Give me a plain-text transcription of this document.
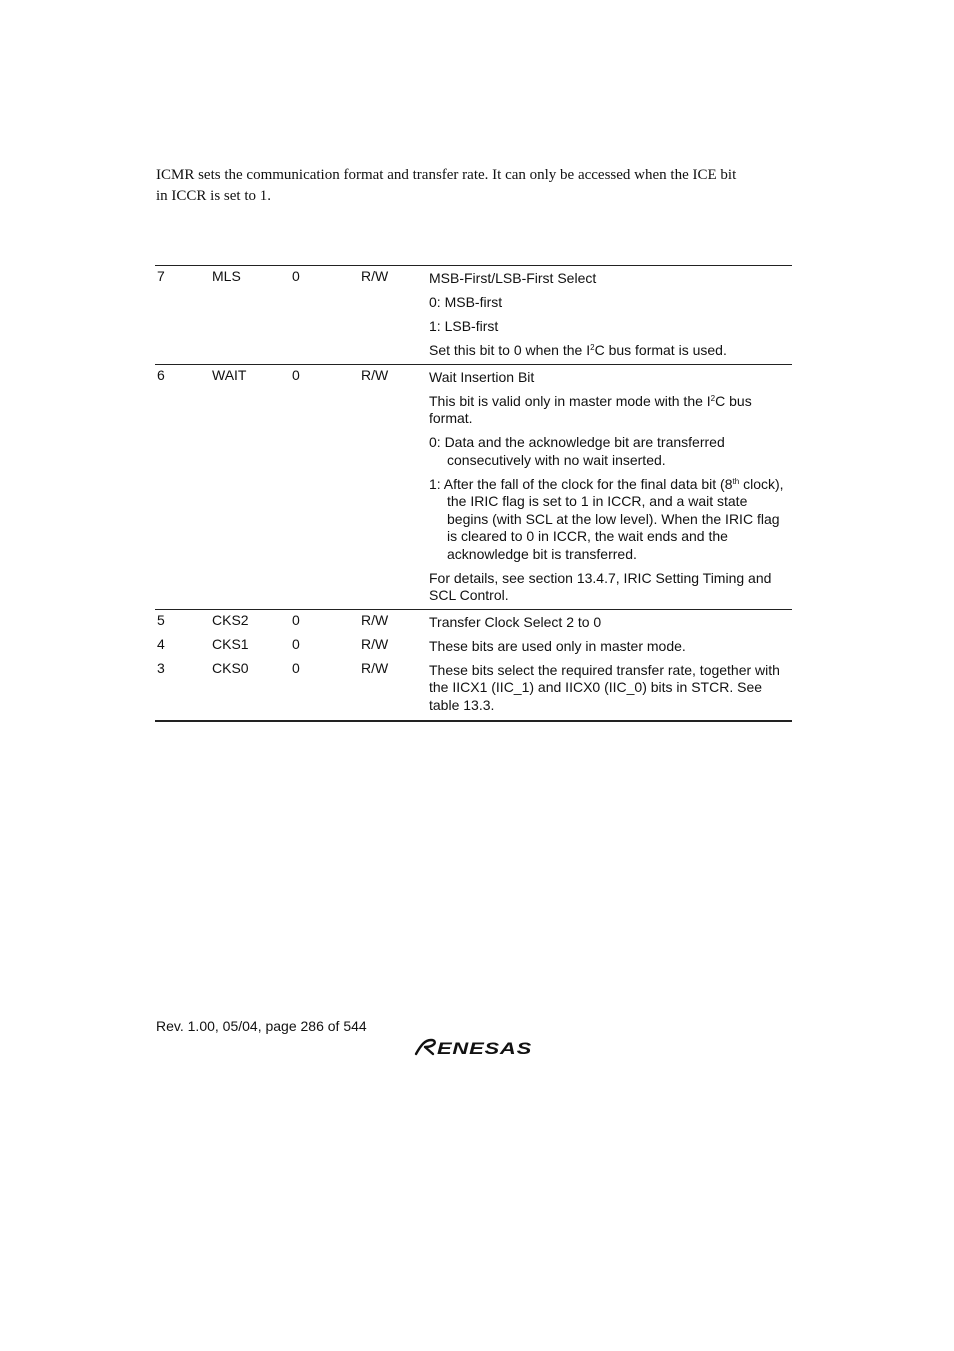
ICMR sets the communication format and transfer rate. It can only be accessed when the ICE bit

in ICCR is set to 1.

7	MLS	0	R/W	MSB-First/LSB-First Select

0: MSB-first

1: LSB-first

Set this bit to 0 when the $I^2C$ bus format is used.

6	WAIT	0	R/W	Wait Insertion Bit

This bit is valid only in master mode with the $I^2C$ bus format.

0: Data and the acknowledge bit are transferred consecutively with no wait inserted.

1: After the fall of the clock for the final data bit (8th clock), the IRIC flag is set to 1 in ICCR, and a wait state begins (with SCL at the low level). When the IRIC flag is cleared to 0 in ICCR, the wait ends and the acknowledge bit is transferred.

For details, see section 13.4.7, IRIC Setting Timing and SCL Control.

5	CKS2	0	R/W	Transfer Clock Select 2 to 0

4	CKS1	0	R/W	These bits are used only in master mode.

3	CKS0	0	R/W	These bits select the required transfer rate, together with the IICX1 (IIC_1) and IICX0 (IIC_0) bits in STCR. See table 13.3.

Rev. 1.00, 05/04, page 286 of 544
ENESAS
